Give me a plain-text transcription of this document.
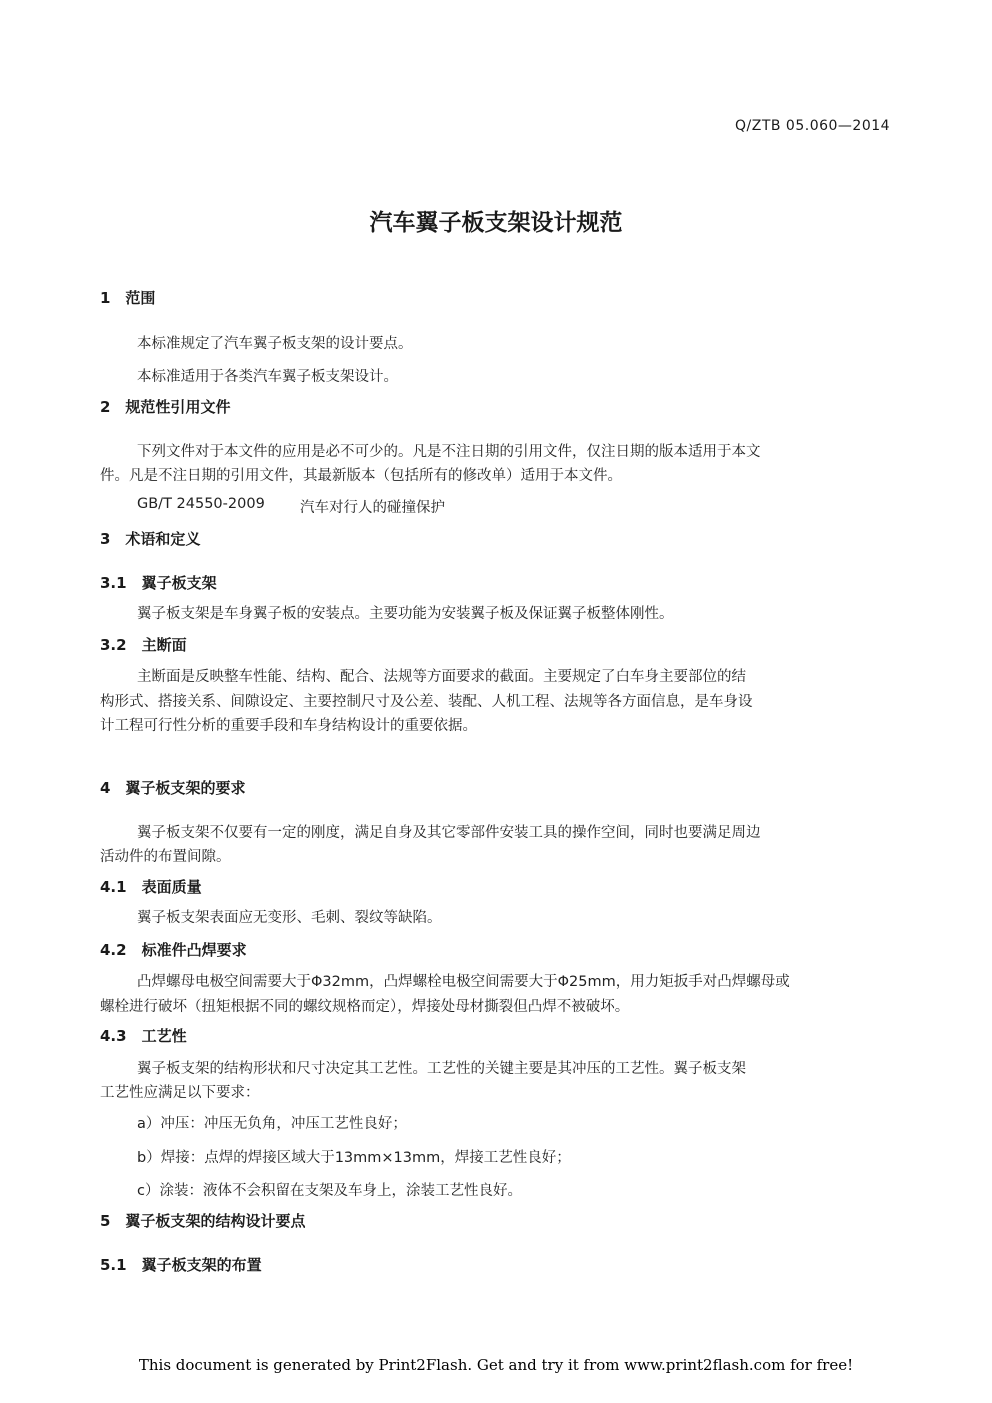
Q/ZTB 05.060—2014
汽车翼子板支架设计规范
1　范围
本标准规定了汽车翼子板支架的设计要点。
本标准适用于各类汽车翼子板支架设计。
2　规范性引用文件
下列文件对于本文件的应用是必不可少的。凡是不注日期的引用文件，仅注日期的版本适用于本文
件。凡是不注日期的引用文件，其最新版本（包括所有的修改单）适用于本文件。
GB/T 24550-2009 汽车对行人的碰撞保护
3　术语和定义
3.1　翼子板支架
翼子板支架是车身翼子板的安装点。主要功能为安装翼子板及保证翼子板整体刚性。
3.2　主断面
主断面是反映整车性能、结构、配合、法规等方面要求的截面。主要规定了白车身主要部位的结
构形式、搭接关系、间隙设定、主要控制尺寸及公差、装配、人机工程、法规等各方面信息，是车身设
计工程可行性分析的重要手段和车身结构设计的重要依据。
4　翼子板支架的要求
翼子板支架不仅要有一定的刚度，满足自身及其它零部件安装工具的操作空间，同时也要满足周边
活动件的布置间隙。
4.1　表面质量
翼子板支架表面应无变形、毛刺、裂纹等缺陷。
4.2　标准件凸焊要求
凸焊螺母电极空间需要大于Φ32mm，凸焊螺栓电极空间需要大于Φ25mm，用力矩扳手对凸焊螺母或
螺栓进行破坏（扭矩根据不同的螺纹规格而定），焊接处母材撕裂但凸焊不被破坏。
4.3　工艺性
翼子板支架的结构形状和尺寸决定其工艺性。工艺性的关键主要是其冲压的工艺性。翼子板支架
工艺性应满足以下要求：
a）冲压：冲压无负角，冲压工艺性良好；
b）焊接：点焊的焊接区域大于13mm×13mm，焊接工艺性良好；
c）涂装：液体不会积留在支架及车身上，涂装工艺性良好。
5　翼子板支架的结构设计要点
5.1　翼子板支架的布置
This document is generated by Print2Flash. Get and try it from www.print2flash.com for free!
